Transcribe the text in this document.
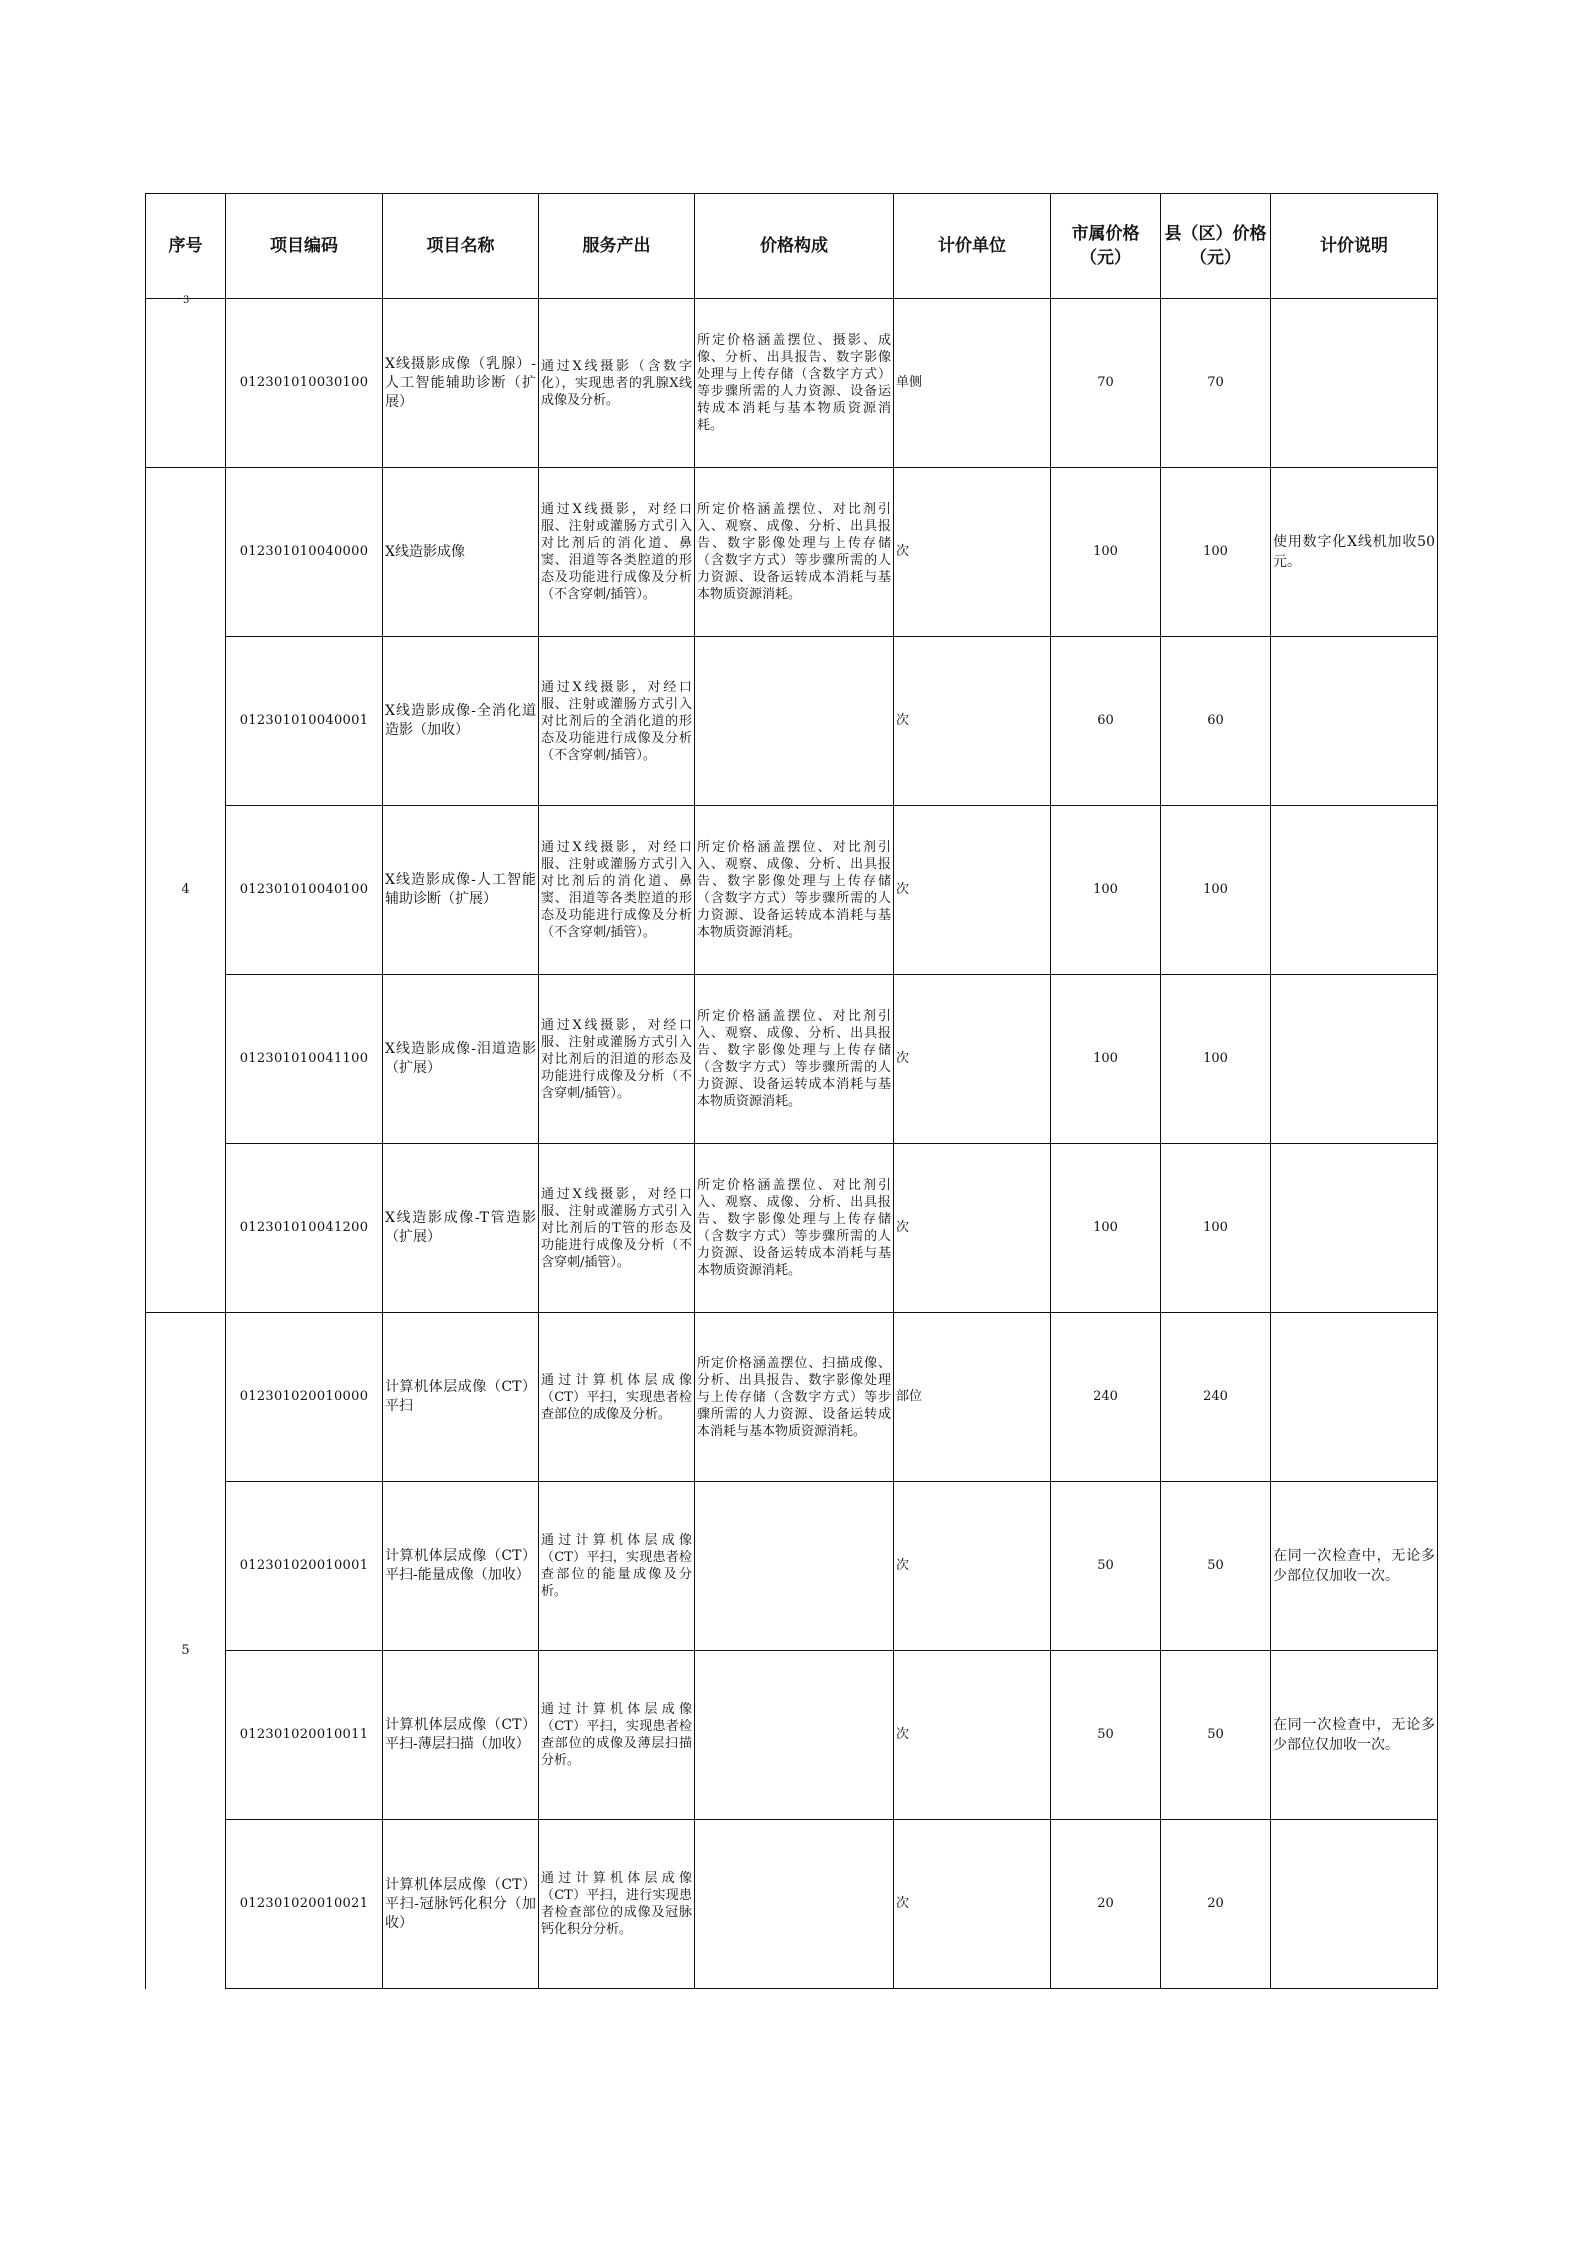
序号	项目编码	项目名称	服务产出	价格构成	计价单位	市属价格（元）	县（区）价格（元）	计价说明

3	012301010030100	X线摄影成像（乳腺）-人工智能辅助诊断（扩展）	通过X线摄影（含数字化），实现患者的乳腺X线成像及分析。	所定价格涵盖摆位、摄影、成像、分析、出具报告、数字影像处理与上传存储（含数字方式）等步骤所需的人力资源、设备运转成本消耗与基本物质资源消耗。	单侧	70	70	
4	012301010040000	X线造影成像	通过X线摄影，对经口服、注射或灌肠方式引入对比剂后的消化道、鼻窦、泪道等各类腔道的形态及功能进行成像及分析（不含穿刺/插管）。	所定价格涵盖摆位、对比剂引入、观察、成像、分析、出具报告、数字影像处理与上传存储（含数字方式）等步骤所需的人力资源、设备运转成本消耗与基本物质资源消耗。	次	100	100	使用数字化X线机加收50元。
	012301010040001	X线造影成像-全消化道造影（加收）	通过X线摄影，对经口服、注射或灌肠方式引入对比剂后的全消化道的形态及功能进行成像及分析（不含穿刺/插管）。		次	60	60	
	012301010040100	X线造影成像-人工智能辅助诊断（扩展）	通过X线摄影，对经口服、注射或灌肠方式引入对比剂后的消化道、鼻窦、泪道等各类腔道的形态及功能进行成像及分析（不含穿刺/插管）。	所定价格涵盖摆位、对比剂引入、观察、成像、分析、出具报告、数字影像处理与上传存储（含数字方式）等步骤所需的人力资源、设备运转成本消耗与基本物质资源消耗。	次	100	100	
	012301010041100	X线造影成像-泪道造影（扩展）	通过X线摄影，对经口服、注射或灌肠方式引入对比剂后的泪道的形态及功能进行成像及分析（不含穿刺/插管）。	所定价格涵盖摆位、对比剂引入、观察、成像、分析、出具报告、数字影像处理与上传存储（含数字方式）等步骤所需的人力资源、设备运转成本消耗与基本物质资源消耗。	次	100	100	
	012301010041200	X线造影成像-T管造影（扩展）	通过X线摄影，对经口服、注射或灌肠方式引入对比剂后的T管的形态及功能进行成像及分析（不含穿刺/插管）。	所定价格涵盖摆位、对比剂引入、观察、成像、分析、出具报告、数字影像处理与上传存储（含数字方式）等步骤所需的人力资源、设备运转成本消耗与基本物质资源消耗。	次	100	100	
5	012301020010000	计算机体层成像（CT）平扫	通过计算机体层成像（CT）平扫，实现患者检查部位的成像及分析。	所定价格涵盖摆位、扫描成像、分析、出具报告、数字影像处理与上传存储（含数字方式）等步骤所需的人力资源、设备运转成本消耗与基本物质资源消耗。	部位	240	240	
	012301020010001	计算机体层成像（CT）平扫-能量成像（加收）	通过计算机体层成像（CT）平扫，实现患者检查部位的能量成像及分析。		次	50	50	在同一次检查中，无论多少部位仅加收一次。
	012301020010011	计算机体层成像（CT）平扫-薄层扫描（加收）	通过计算机体层成像（CT）平扫，实现患者检查部位的成像及薄层扫描分析。		次	50	50	在同一次检查中，无论多少部位仅加收一次。
	012301020010021	计算机体层成像（CT）平扫-冠脉钙化积分（加收）	通过计算机体层成像（CT）平扫，进行实现患者检查部位的成像及冠脉钙化积分分析。		次	20	20	
